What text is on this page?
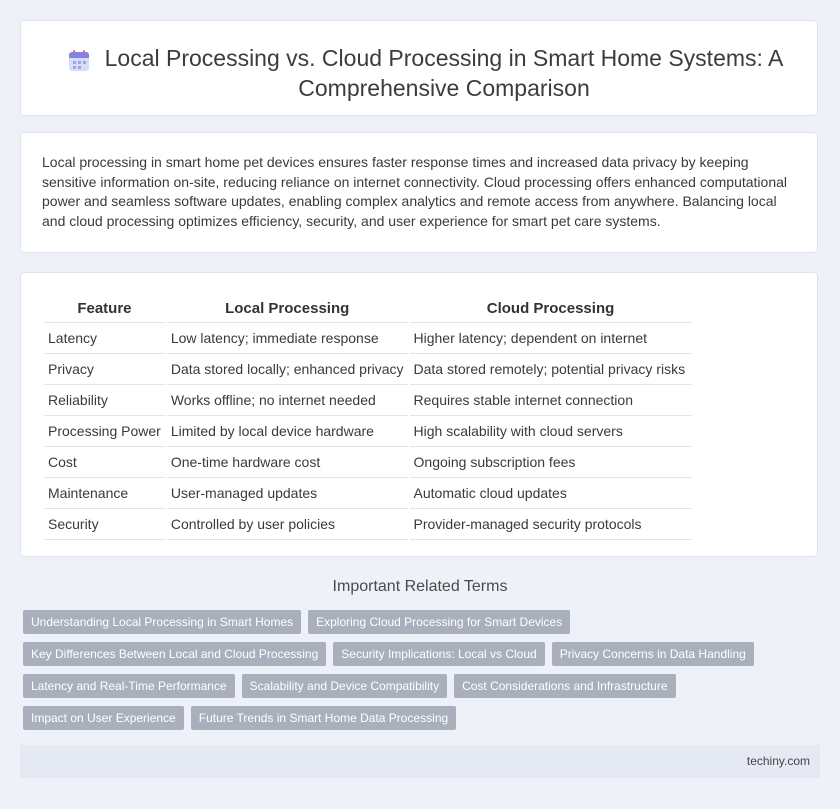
Local Processing vs. Cloud Processing in Smart Home Systems: A Comprehensive Comparison
Local processing in smart home pet devices ensures faster response times and increased data privacy by keeping sensitive information on-site, reducing reliance on internet connectivity. Cloud processing offers enhanced computational power and seamless software updates, enabling complex analytics and remote access from anywhere. Balancing local and cloud processing optimizes efficiency, security, and user experience for smart pet care systems.
Feature	Local Processing	Cloud Processing
Latency	Low latency; immediate response	Higher latency; dependent on internet
Privacy	Data stored locally; enhanced privacy	Data stored remotely; potential privacy risks
Reliability	Works offline; no internet needed	Requires stable internet connection
Processing Power	Limited by local device hardware	High scalability with cloud servers
Cost	One-time hardware cost	Ongoing subscription fees
Maintenance	User-managed updates	Automatic cloud updates
Security	Controlled by user policies	Provider-managed security protocols
Important Related Terms
Understanding Local Processing in Smart Homes	Exploring Cloud Processing for Smart Devices
Key Differences Between Local and Cloud Processing	Security Implications: Local vs Cloud	Privacy Concerns in Data Handling
Latency and Real-Time Performance	Scalability and Device Compatibility	Cost Considerations and Infrastructure
Impact on User Experience	Future Trends in Smart Home Data Processing
techiny.com
